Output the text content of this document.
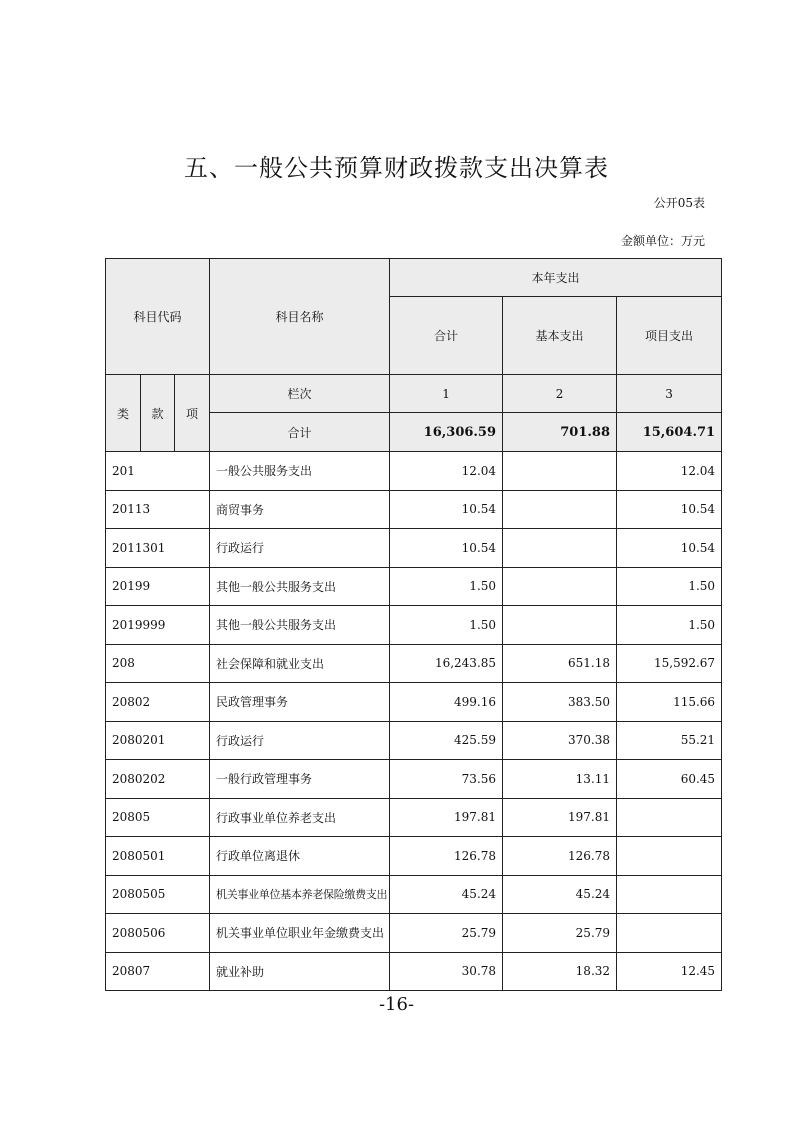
五、一般公共预算财政拨款支出决算表
公开05表
金额单位：万元
科目代码			科目名称	本年支出		
				合计	基本支出	项目支出

类	款	项	栏次	1	2	3
			合计	16,306.59	701.88	15,604.71
201			一般公共服务支出	12.04		12.04
20113			商贸事务	10.54		10.54
2011301			行政运行	10.54		10.54
20199			其他一般公共服务支出	1.50		1.50
2019999			其他一般公共服务支出	1.50		1.50
208			社会保障和就业支出	16,243.85	651.18	15,592.67
20802			民政管理事务	499.16	383.50	115.66
2080201			行政运行	425.59	370.38	55.21
2080202			一般行政管理事务	73.56	13.11	60.45
20805			行政事业单位养老支出	197.81	197.81	
2080501			行政单位离退休	126.78	126.78	
2080505			机关事业单位基本养老保险缴费支出	45.24	45.24	
2080506			机关事业单位职业年金缴费支出	25.79	25.79	
20807			就业补助	30.78	18.32	12.45
-16-
